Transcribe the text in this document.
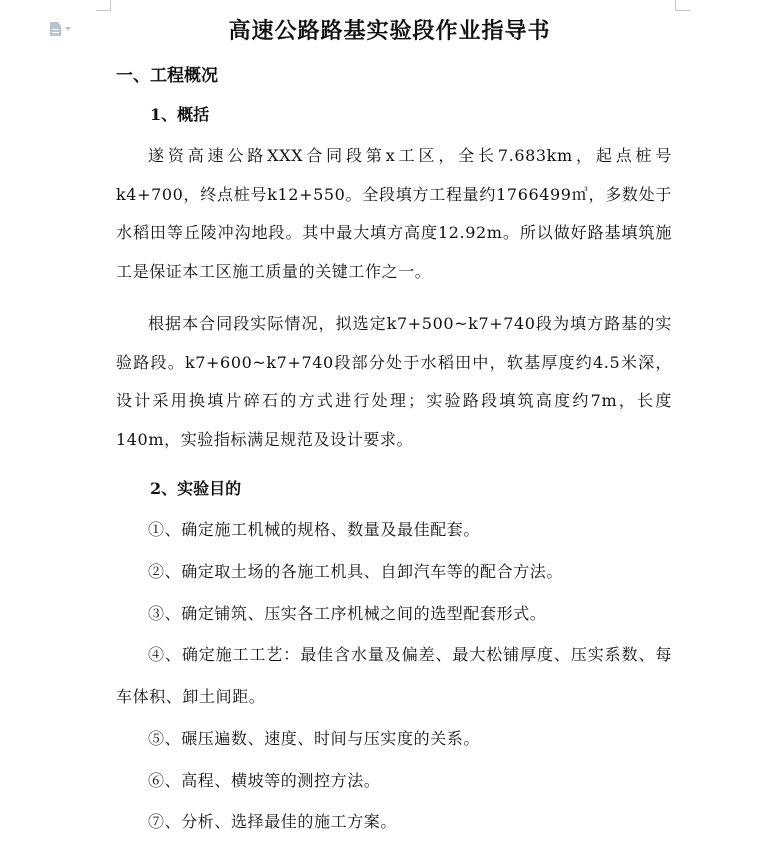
高速公路路基实验段作业指导书
一、工程概况
1、概括

遂资高速公路XXX合同段第x工区，全长7.683km，起点桩号k4+700，终点桩号k12+550。全段填方工程量约1766499㎥，多数处于水稻田等丘陵冲沟地段。其中最大填方高度12.92m。所以做好路基填筑施工是保证本工区施工质量的关键工作之一。

根据本合同段实际情况，拟选定k7+500~k7+740段为填方路基的实验路段。k7+600~k7+740段部分处于水稻田中，软基厚度约4.5米深，设计采用换填片碎石的方式进行处理；实验路段填筑高度约7m，长度140m，实验指标满足规范及设计要求。

2、实验目的

①、确定施工机械的规格、数量及最佳配套。

②、确定取土场的各施工机具、自卸汽车等的配合方法。

③、确定铺筑、压实各工序机械之间的选型配套形式。

④、确定施工工艺：最佳含水量及偏差、最大松铺厚度、压实系数、每车体积、卸土间距。

⑤、碾压遍数、速度、时间与压实度的关系。

⑥、高程、横坡等的测控方法。

⑦、分析、选择最佳的施工方案。
